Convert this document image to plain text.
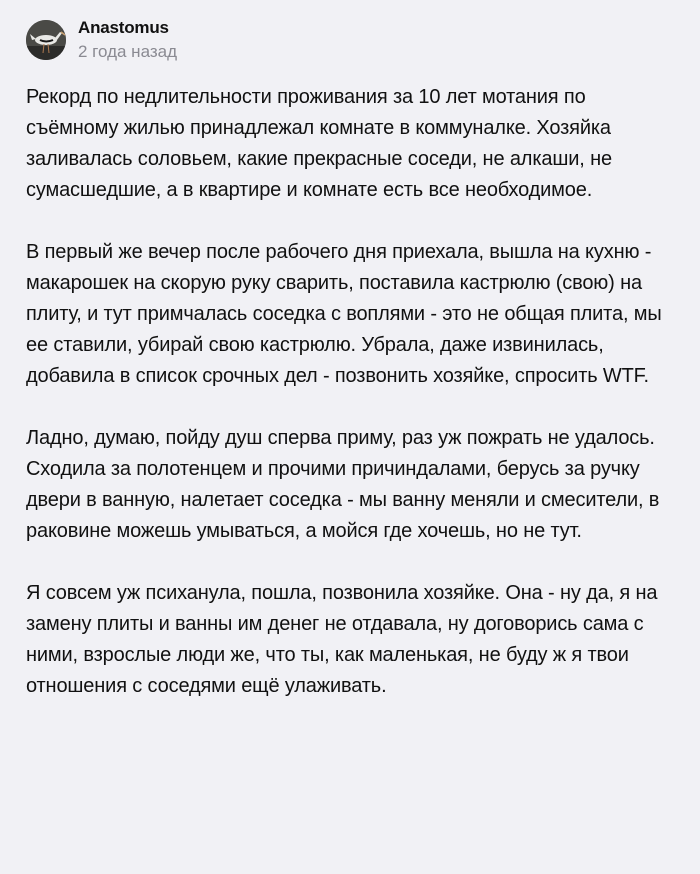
Anastomus
2 года назад

Рекорд по недлительности проживания за 10 лет мотания по съёмному жилью принадлежал комнате в коммуналке. Хозяйка заливалась соловьем, какие прекрасные соседи, не алкаши, не сумасшедшие, а в квартире и комнате есть все необходимое.

В первый же вечер после рабочего дня приехала, вышла на кухню - макарошек на скорую руку сварить, поставила кастрюлю (свою) на плиту, и тут примчалась соседка с воплями - это не общая плита, мы ее ставили, убирай свою кастрюлю. Убрала, даже извинилась, добавила в список срочных дел - позвонить хозяйке, спросить WTF.

Ладно, думаю, пойду душ сперва приму, раз уж пожрать не удалось. Сходила за полотенцем и прочими причиндалами, берусь за ручку двери в ванную, налетает соседка - мы ванну меняли и смесители, в раковине можешь умываться, а мойся где хочешь, но не тут.

Я совсем уж психанула, пошла, позвонила хозяйке. Она - ну да, я на замену плиты и ванны им денег не отдавала, ну договорись сама с ними, взрослые люди же, что ты, как маленькая, не буду ж я твои отношения с соседями ещё улаживать.
